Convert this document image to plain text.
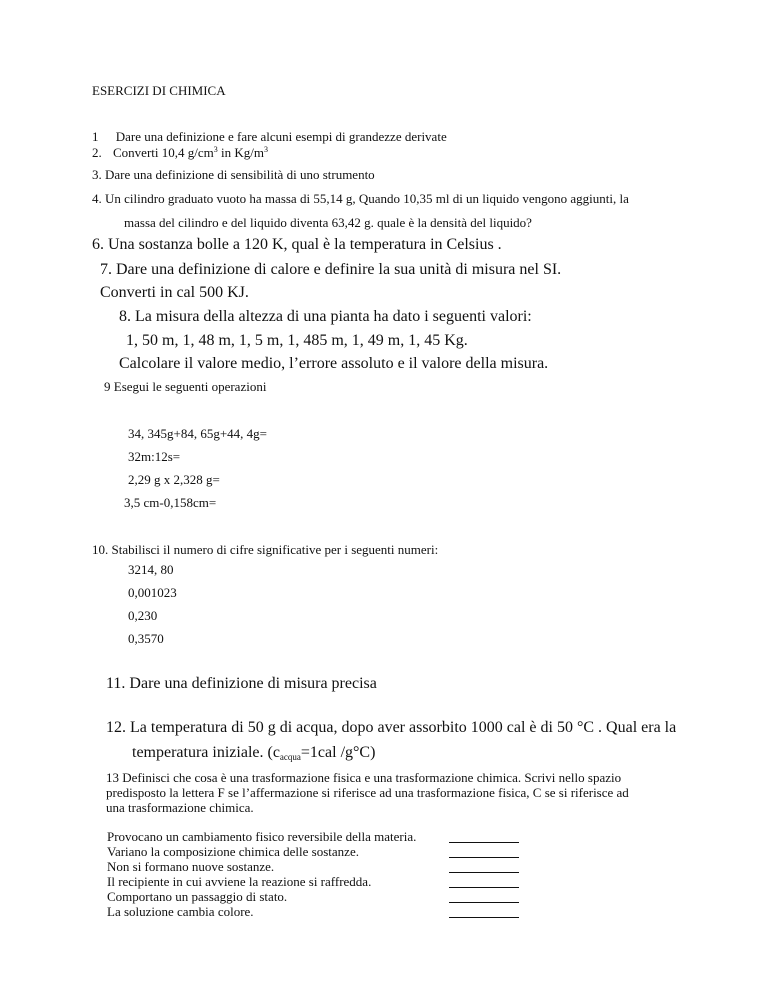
ESERCIZI DI CHIMICA
1 Dare una definizione e fare alcuni esempi di grandezze derivate
2. Converti 10,4 $g/cm^3$ in $Kg/m^3$
3. Dare una definizione di sensibilità di uno strumento
4. Un cilindro graduato vuoto ha massa di 55,14 g, Quando 10,35 ml di un liquido vengono aggiunti, la
massa del cilindro e del liquido diventa 63,42 g. quale è la densità del liquido?
6. Una sostanza bolle a 120 K, qual è la temperatura in Celsius .
7. Dare una definizione di calore e definire la sua unità di misura nel SI.
Converti in cal 500 KJ.
8. La misura della altezza di una pianta ha dato i seguenti valori:
1, 50 m, 1, 48 m, 1, 5 m, 1, 485 m, 1, 49 m, 1, 45 Kg.
Calcolare il valore medio, l’errore assoluto e il valore della misura.
9 Esegui le seguenti operazioni
34, 345g+84, 65g+44, 4g=
32m:12s=
2,29 g x 2,328 g=
3,5 cm-0,158cm=
10. Stabilisci il numero di cifre significative per i seguenti numeri:
3214, 80
0,001023
0,230
0,3570
11. Dare una definizione di misura precisa
12. La temperatura di 50 g di acqua, dopo aver assorbito 1000 cal è di 50 °C . Qual era la
temperatura iniziale. ($c_{acqua}=1cal$ /g°C)
13 Definisci che cosa è una trasformazione fisica e una trasformazione chimica. Scrivi nello spazio
predisposto la lettera F se l’affermazione si riferisce ad una trasformazione fisica, C se si riferisce ad
una trasformazione chimica.
Provocano un cambiamento fisico reversibile della materia.
Variano la composizione chimica delle sostanze.
Non si formano nuove sostanze.
Il recipiente in cui avviene la reazione si raffredda.
Comportano un passaggio di stato.
La soluzione cambia colore.
